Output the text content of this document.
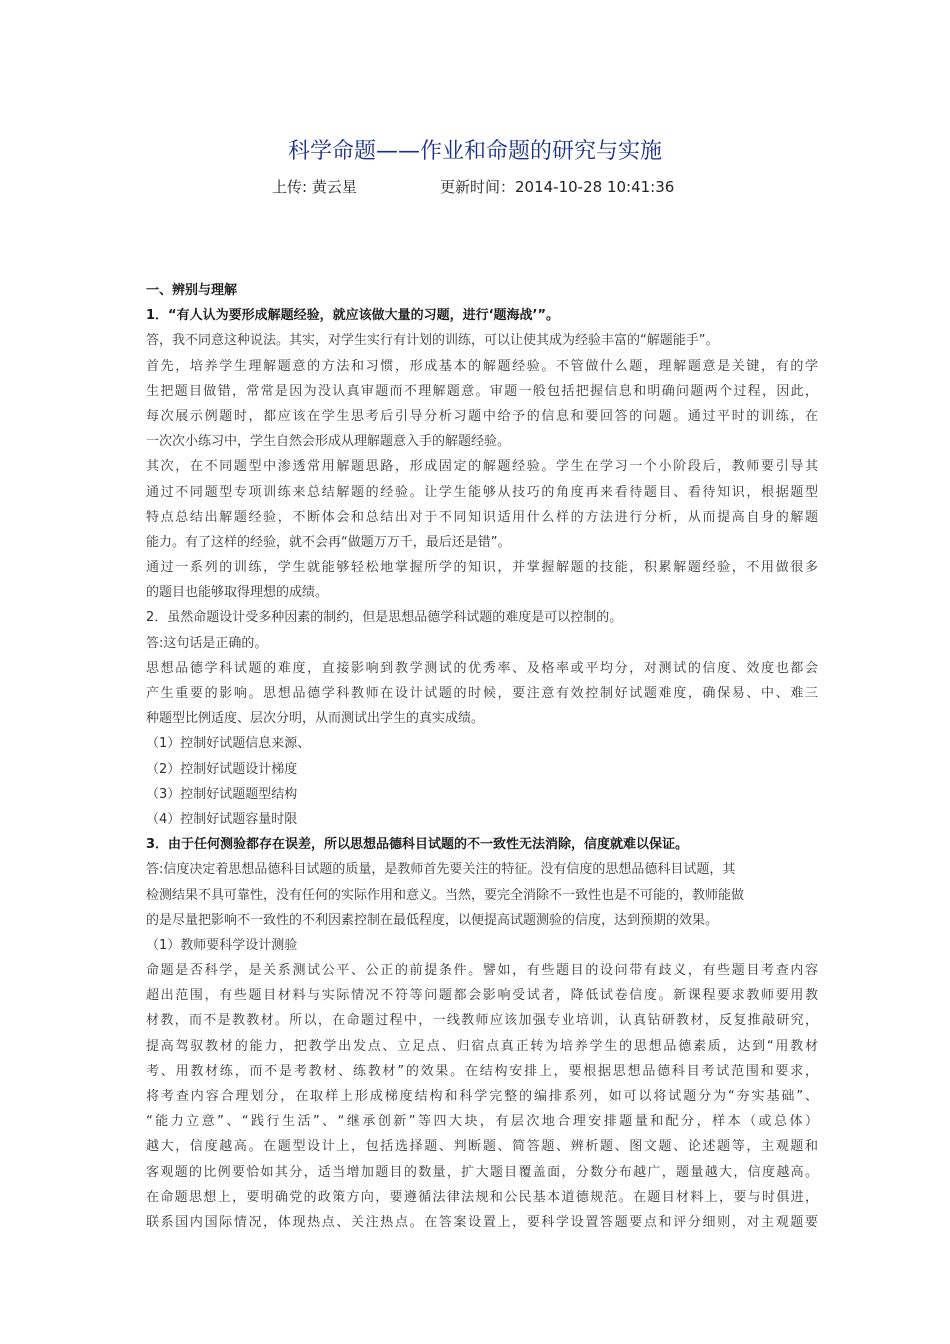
科学命题——作业和命题的研究与实施
上传: 黄云星	更新时间：2014-10-28 10:41:36
一、辨别与理解
1．“有人认为要形成解题经验，就应该做大量的习题，进行‘题海战’”。
答，我不同意这种说法。其实，对学生实行有计划的训练，可以让使其成为经验丰富的“解题能手”。
首先，培养学生理解题意的方法和习惯，形成基本的解题经验。不管做什么题，理解题意是关键，有的学
生把题目做错，常常是因为没认真审题而不理解题意。审题一般包括把握信息和明确问题两个过程，因此，
每次展示例题时，都应该在学生思考后引导分析习题中给予的信息和要回答的问题。通过平时的训练，在
一次次小练习中，学生自然会形成从理解题意入手的解题经验。
其次，在不同题型中渗透常用解题思路，形成固定的解题经验。学生在学习一个小阶段后，教师要引导其
通过不同题型专项训练来总结解题的经验。让学生能够从技巧的角度再来看待题目、看待知识，根据题型
特点总结出解题经验，不断体会和总结出对于不同知识适用什么样的方法进行分析，从而提高自身的解题
能力。有了这样的经验，就不会再“做题万万千，最后还是错”。
通过一系列的训练，学生就能够轻松地掌握所学的知识，并掌握解题的技能，积累解题经验，不用做很多
的题目也能够取得理想的成绩。
2．虽然命题设计受多种因素的制约，但是思想品德学科试题的难度是可以控制的。
答:这句话是正确的。
思想品德学科试题的难度，直接影响到教学测试的优秀率、及格率或平均分，对测试的信度、效度也都会
产生重要的影响。思想品德学科教师在设计试题的时候，要注意有效控制好试题难度，确保易、中、难三
种题型比例适度、层次分明，从而测试出学生的真实成绩。
（1）控制好试题信息来源、
（2）控制好试题设计梯度
（3）控制好试题题型结构
（4）控制好试题容量时限
3．由于任何测验都存在误差，所以思想品德科目试题的不一致性无法消除，信度就难以保证。
答:信度决定着思想品德科目试题的质量，是教师首先要关注的特征。没有信度的思想品德科目试题，其
检测结果不具可靠性，没有任何的实际作用和意义。当然，要完全消除不一致性也是不可能的，教师能做
的是尽量把影响不一致性的不利因素控制在最低程度，以便提高试题测验的信度，达到预期的效果。
（1）教师要科学设计测验
命题是否科学，是关系测试公平、公正的前提条件。譬如，有些题目的设问带有歧义，有些题目考查内容
超出范围，有些题目材料与实际情况不符等问题都会影响受试者，降低试卷信度。新课程要求教师要用教
材教，而不是教教材。所以，在命题过程中，一线教师应该加强专业培训，认真钻研教材，反复推敲研究，
提高驾驭教材的能力，把教学出发点、立足点、归宿点真正转为培养学生的思想品德素质，达到“用教材
考、用教材练，而不是考教材、练教材”的效果。在结构安排上，要根据思想品德科目考试范围和要求，
将考查内容合理划分，在取样上形成梯度结构和科学完整的编排系列，如可以将试题分为“夯实基础”、
“能力立意”、“践行生活”、“继承创新”等四大块，有层次地合理安排题量和配分，样本（或总体）
越大，信度越高。在题型设计上，包括选择题、判断题、简答题、辨析题、图文题、论述题等，主观题和
客观题的比例要恰如其分，适当增加题目的数量，扩大题目覆盖面，分数分布越广，题量越大，信度越高。
在命题思想上，要明确党的政策方向，要遵循法律法规和公民基本道德规范。在题目材料上，要与时俱进，
联系国内国际情况，体现热点、关注热点。在答案设置上，要科学设置答题要点和评分细则，对主观题要
